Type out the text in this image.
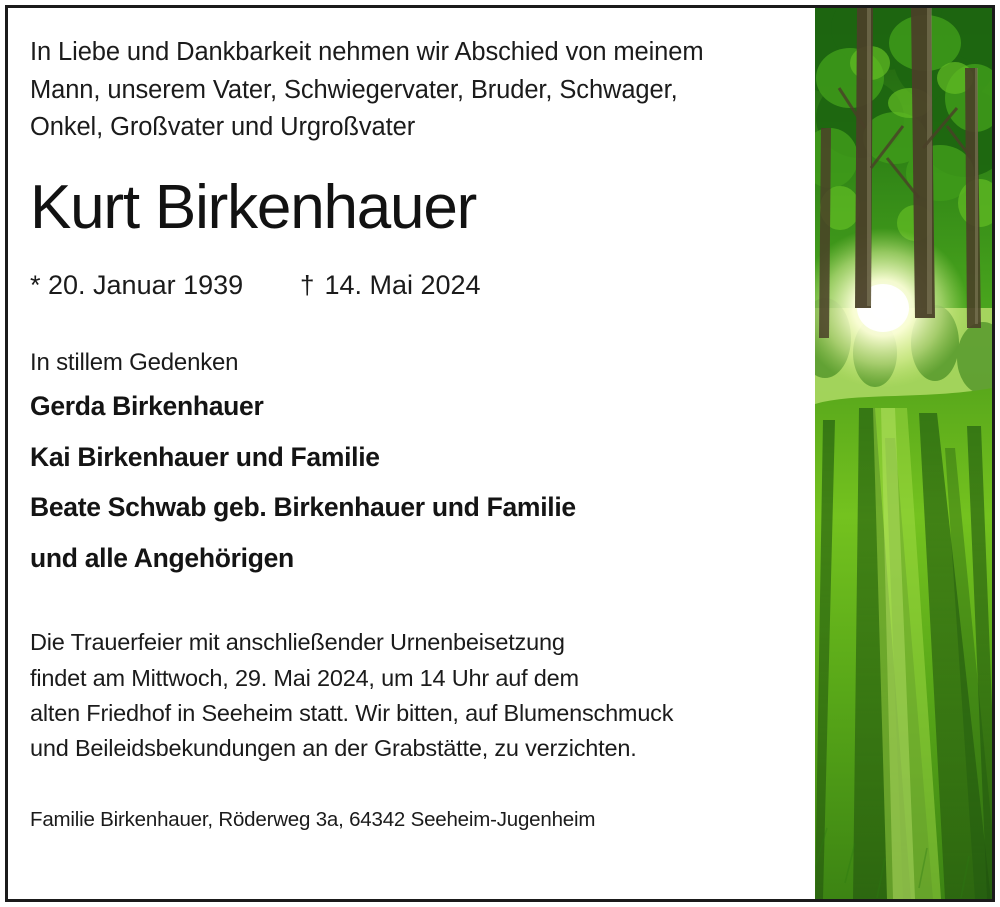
In Liebe und Dankbarkeit nehmen wir Abschied von meinem
Mann, unserem Vater, Schwiegervater, Bruder, Schwager,
Onkel, Großvater und Urgroßvater
Kurt Birkenhauer
* 20. Januar 1939	† 14. Mai 2024
In stillem Gedenken
Gerda Birkenhauer
Kai Birkenhauer und Familie
Beate Schwab geb. Birkenhauer und Familie
und alle Angehörigen
Die Trauerfeier mit anschließender Urnenbeisetzung
findet am Mittwoch, 29. Mai 2024, um 14 Uhr auf dem
alten Friedhof in Seeheim statt. Wir bitten, auf Blumenschmuck
und Beileidsbekundungen an der Grabstätte, zu verzichten.
Familie Birkenhauer, Röderweg 3a, 64342 Seeheim-Jugenheim
